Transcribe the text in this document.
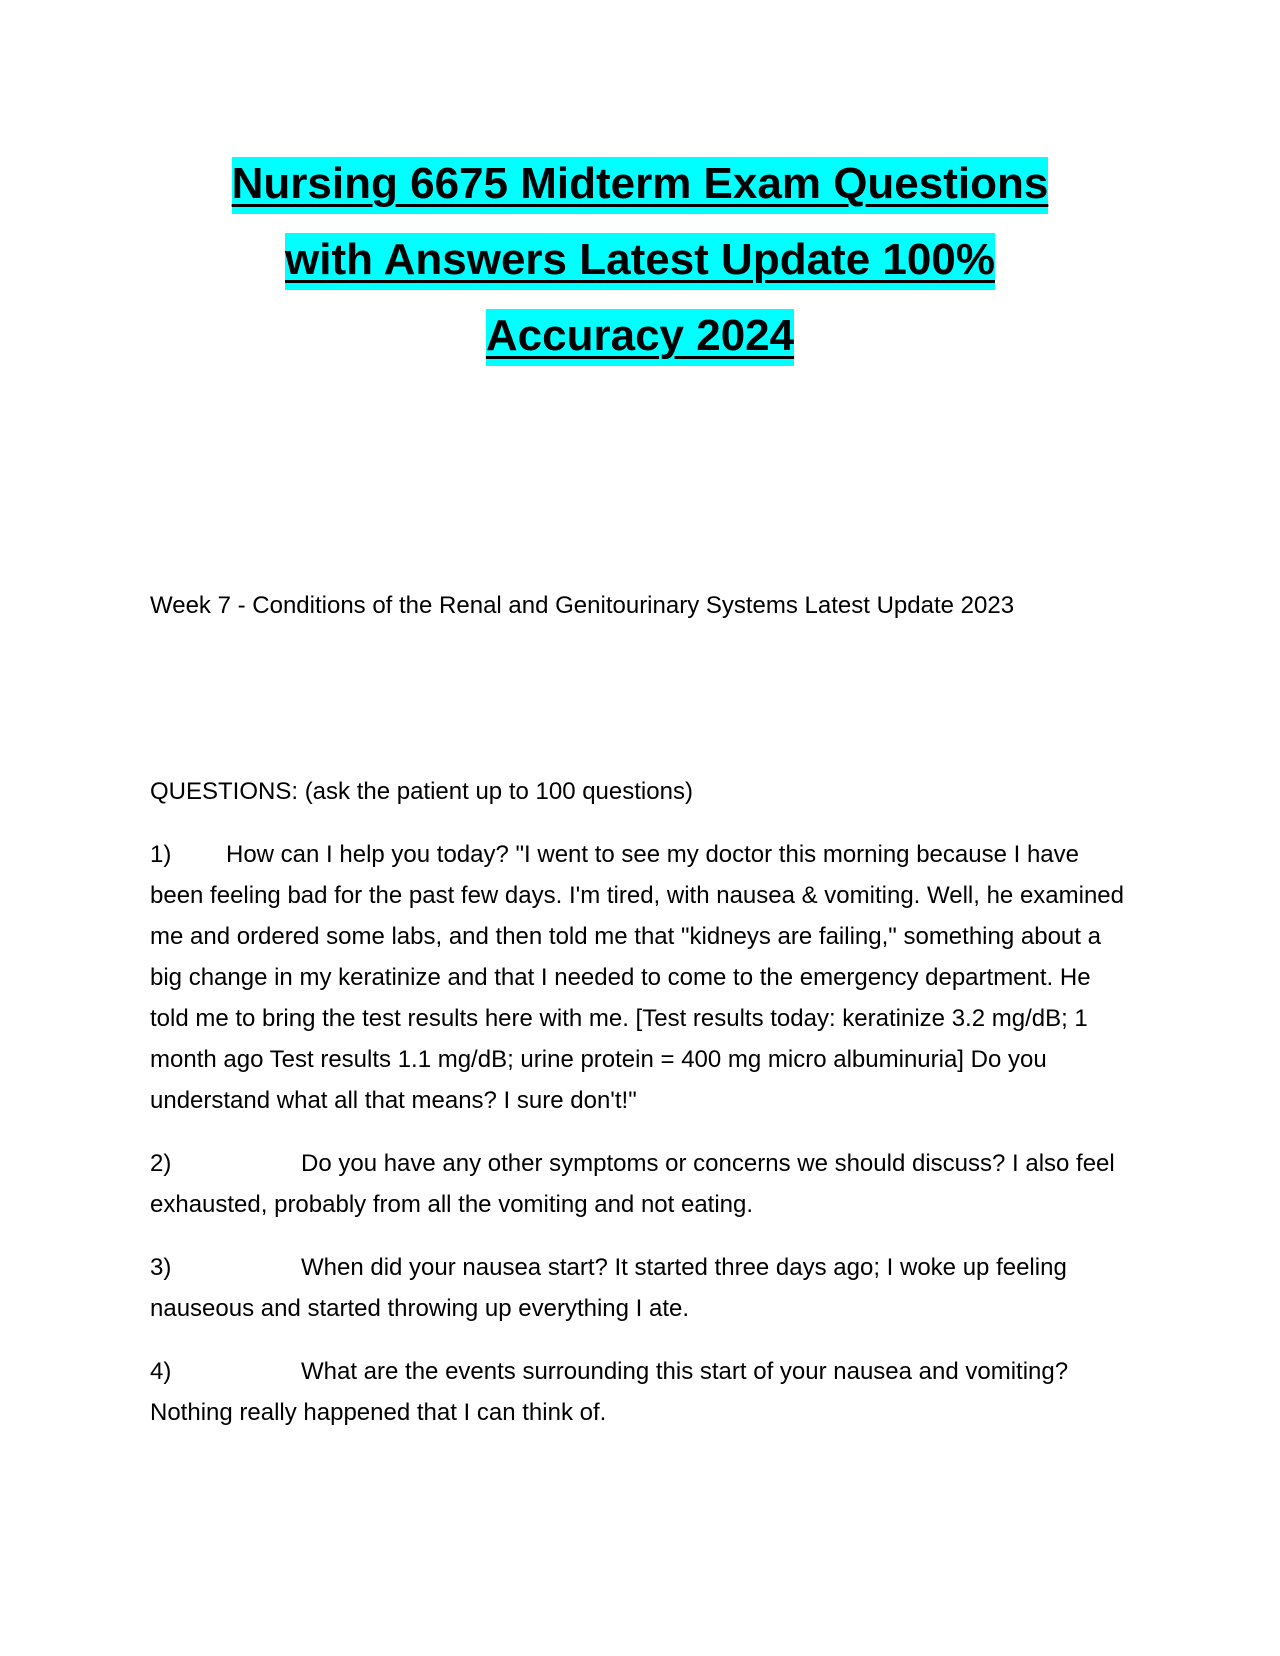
Nursing 6675 Midterm Exam Questions
with Answers Latest Update 100%
Accuracy 2024

Week 7 - Conditions of the Renal and Genitourinary Systems Latest Update 2023

QUESTIONS: (ask the patient up to 100 questions)

1) How can I help you today? "I went to see my doctor this morning because I have been feeling bad for the past few days. I'm tired, with nausea & vomiting. Well, he examined me and ordered some labs, and then told me that "kidneys are failing," something about a big change in my keratinize and that I needed to come to the emergency department. He told me to bring the test results here with me. [Test results today: keratinize 3.2 mg/dB; 1 month ago Test results 1.1 mg/dB; urine protein = 400 mg micro albuminuria] Do you understand what all that means? I sure don't!"
2)	Do you have any other symptoms or concerns we should discuss? I also feel exhausted, probably from all the vomiting and not eating.
3)	When did your nausea start? It started three days ago; I woke up feeling nauseous and started throwing up everything I ate.
4)	What are the events surrounding this start of your nausea and vomiting? Nothing really happened that I can think of.
